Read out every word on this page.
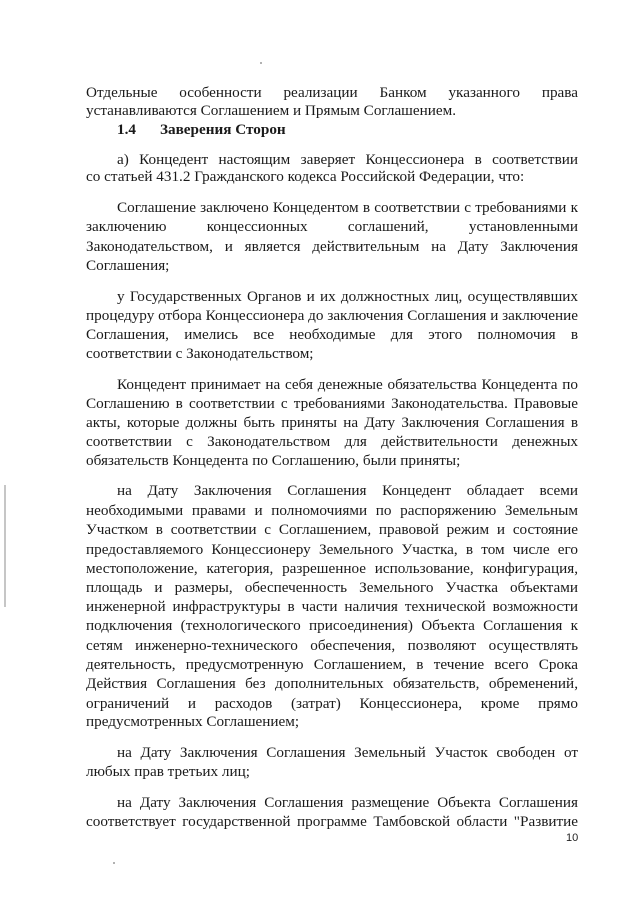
Отдельные особенности реализации Банком указанного права
устанавливаются Соглашением и Прямым Соглашением.
1.4 Заверения Сторон
а) Концедент настоящим заверяет Концессионера в соответствии
со статьей 431.2 Гражданского кодекса Российской Федерации, что:
Соглашение заключено Концедентом в соответствии с требованиями к
заключению концессионных соглашений, установленными
Законодательством, и является действительным на Дату Заключения
Соглашения;
у Государственных Органов и их должностных лиц, осуществлявших
процедуру отбора Концессионера до заключения Соглашения и заключение
Соглашения, имелись все необходимые для этого полномочия в
соответствии с Законодательством;
Концедент принимает на себя денежные обязательства Концедента по
Соглашению в соответствии с требованиями Законодательства. Правовые
акты, которые должны быть приняты на Дату Заключения Соглашения в
соответствии с Законодательством для действительности денежных
обязательств Концедента по Соглашению, были приняты;
на Дату Заключения Соглашения Концедент обладает всеми
необходимыми правами и полномочиями по распоряжению Земельным
Участком в соответствии с Соглашением, правовой режим и состояние
предоставляемого Концессионеру Земельного Участка, в том числе его
местоположение, категория, разрешенное использование, конфигурация,
площадь и размеры, обеспеченность Земельного Участка объектами
инженерной инфраструктуры в части наличия технической возможности
подключения (технологического присоединения) Объекта Соглашения к
сетям инженерно-технического обеспечения, позволяют осуществлять
деятельность, предусмотренную Соглашением, в течение всего Срока
Действия Соглашения без дополнительных обязательств, обременений,
ограничений и расходов (затрат) Концессионера, кроме прямо
предусмотренных Соглашением;
на Дату Заключения Соглашения Земельный Участок свободен от
любых прав третьих лиц;
на Дату Заключения Соглашения размещение Объекта Соглашения
соответствует государственной программе Тамбовской области "Развитие
10
